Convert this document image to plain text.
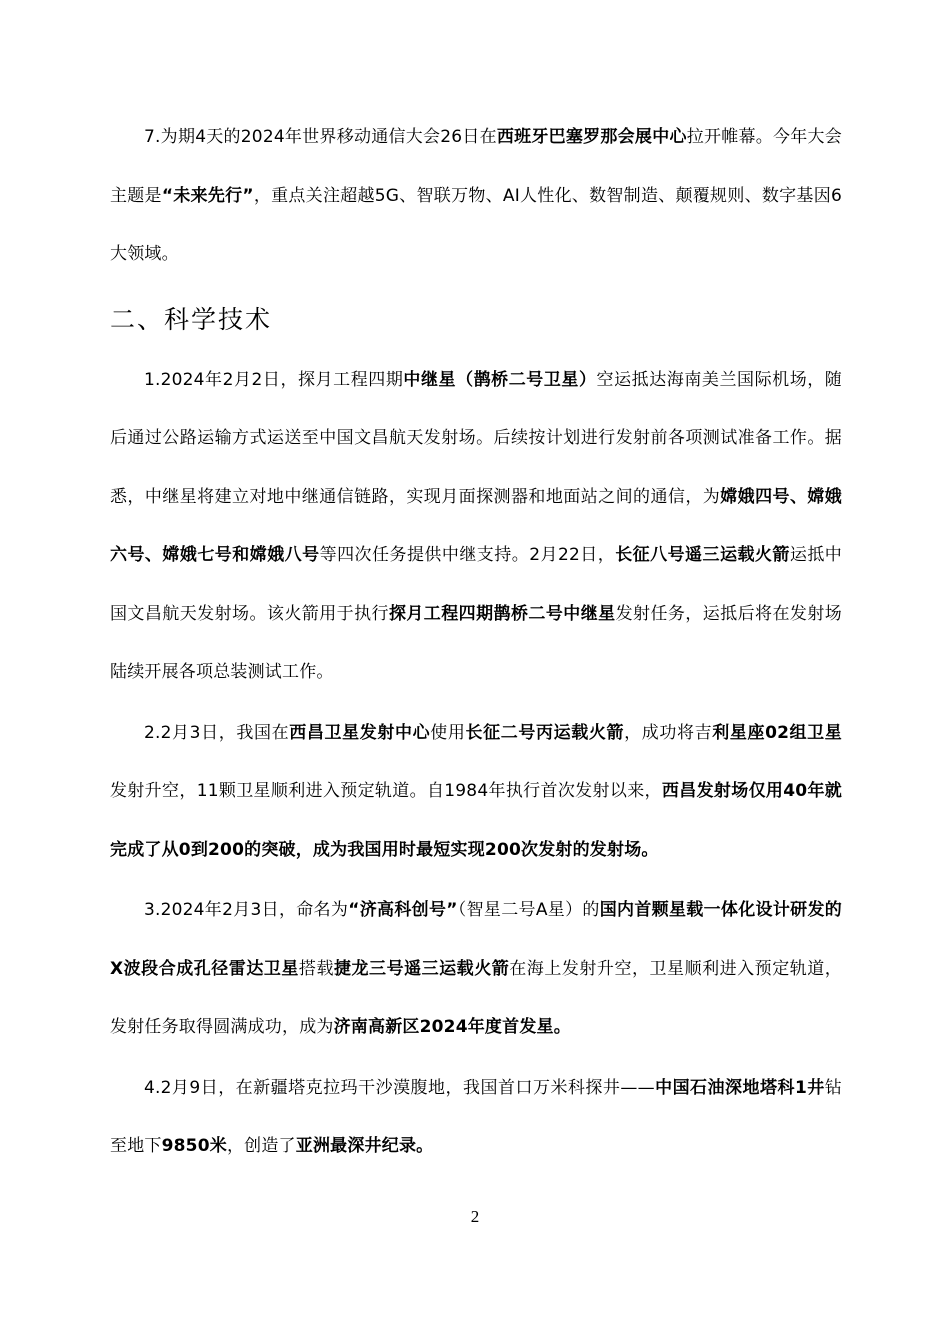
7.为期4天的2024年世界移动通信大会26日在西班牙巴塞罗那会展中心拉开帷幕。今年大会主题是“未来先行”，重点关注超越5G、智联万物、AI人性化、数智制造、颠覆规则、数字基因6大领域。

二、科学技术

1.2024年2月2日，探月工程四期中继星（鹊桥二号卫星）空运抵达海南美兰国际机场，随后通过公路运输方式运送至中国文昌航天发射场。后续按计划进行发射前各项测试准备工作。据悉，中继星将建立对地中继通信链路，实现月面探测器和地面站之间的通信，为嫦娥四号、嫦娥六号、嫦娥七号和嫦娥八号等四次任务提供中继支持。2月22日，长征八号遥三运载火箭运抵中国文昌航天发射场。该火箭用于执行探月工程四期鹊桥二号中继星发射任务，运抵后将在发射场陆续开展各项总装测试工作。

2.2月3日，我国在西昌卫星发射中心使用长征二号丙运载火箭，成功将吉利星座02组卫星发射升空，11颗卫星顺利进入预定轨道。自1984年执行首次发射以来，西昌发射场仅用40年就完成了从0到200的突破，成为我国用时最短实现200次发射的发射场。

3.2024年2月3日，命名为“济高科创号”（智星二号A星）的国内首颗星载一体化设计研发的X波段合成孔径雷达卫星搭载捷龙三号遥三运载火箭在海上发射升空，卫星顺利进入预定轨道，发射任务取得圆满成功，成为济南高新区2024年度首发星。

4.2月9日，在新疆塔克拉玛干沙漠腹地，我国首口万米科探井——中国石油深地塔科1井钻至地下9850米，创造了亚洲最深井纪录。

2
